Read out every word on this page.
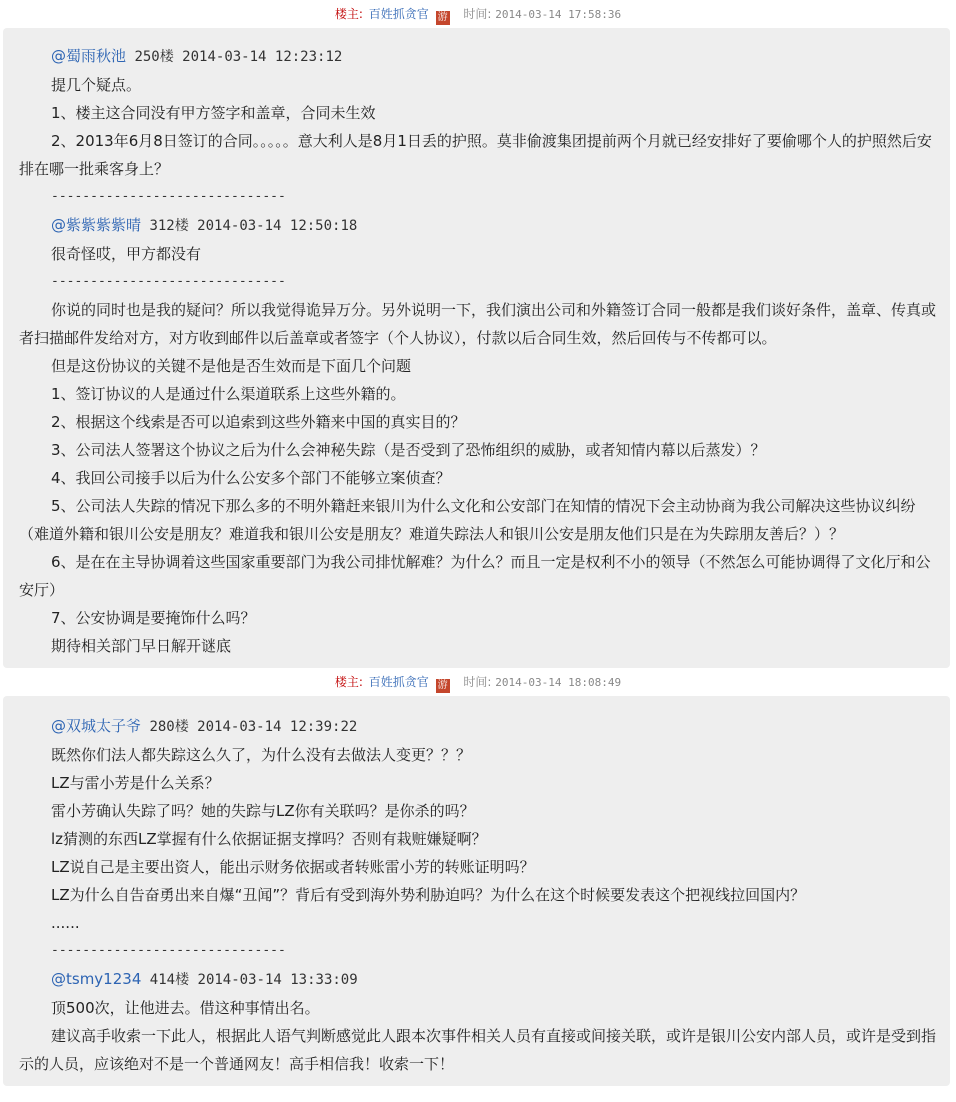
楼主: 百姓抓贪官 游 时间: 2014-03-14 17:58:36
@蜀雨秋池 250楼 2014-03-14 12:23:12
提几个疑点。
1、楼主这合同没有甲方签字和盖章，合同未生效
2、2013年6月8日签订的合同。。。。。意大利人是8月1日丢的护照。莫非偷渡集团提前两个月就已经安排好了要偷哪个人的护照然后安排在哪一批乘客身上？
------------------------------
@紫紫紫紫晴 312楼 2014-03-14 12:50:18
很奇怪哎，甲方都没有
------------------------------
你说的同时也是我的疑问？所以我觉得诡异万分。另外说明一下，我们演出公司和外籍签订合同一般都是我们谈好条件，盖章、传真或者扫描邮件发给对方，对方收到邮件以后盖章或者签字（个人协议），付款以后合同生效，然后回传与不传都可以。
但是这份协议的关键不是他是否生效而是下面几个问题
1、签订协议的人是通过什么渠道联系上这些外籍的。
2、根据这个线索是否可以追索到这些外籍来中国的真实目的？
3、公司法人签署这个协议之后为什么会神秘失踪（是否受到了恐怖组织的威胁，或者知情内幕以后蒸发）？
4、我回公司接手以后为什么公安多个部门不能够立案侦查？
5、公司法人失踪的情况下那么多的不明外籍赶来银川为什么文化和公安部门在知情的情况下会主动协商为我公司解决这些协议纠纷（难道外籍和银川公安是朋友？难道我和银川公安是朋友？难道失踪法人和银川公安是朋友他们只是在为失踪朋友善后？）？
6、是在在主导协调着这些国家重要部门为我公司排忧解难？为什么？而且一定是权利不小的领导（不然怎么可能协调得了文化厅和公安厅）
7、公安协调是要掩饰什么吗？
期待相关部门早日解开谜底
楼主: 百姓抓贪官 游 时间: 2014-03-14 18:08:49
@双城太子爷 280楼 2014-03-14 12:39:22
既然你们法人都失踪这么久了，为什么没有去做法人变更？？？
LZ与雷小芳是什么关系？
雷小芳确认失踪了吗？她的失踪与LZ你有关联吗？是你杀的吗？
lz猜测的东西LZ掌握有什么依据证据支撑吗？否则有栽赃嫌疑啊？
LZ说自己是主要出资人，能出示财务依据或者转账雷小芳的转账证明吗？
LZ为什么自告奋勇出来自爆“丑闻”？背后有受到海外势利胁迫吗？为什么在这个时候要发表这个把视线拉回国内？
......
------------------------------
@tsmy1234 414楼 2014-03-14 13:33:09
顶500次，让他进去。借这种事情出名。
建议高手收索一下此人，根据此人语气判断感觉此人跟本次事件相关人员有直接或间接关联，或许是银川公安内部人员，或许是受到指示的人员，应该绝对不是一个普通网友！高手相信我！收索一下！
